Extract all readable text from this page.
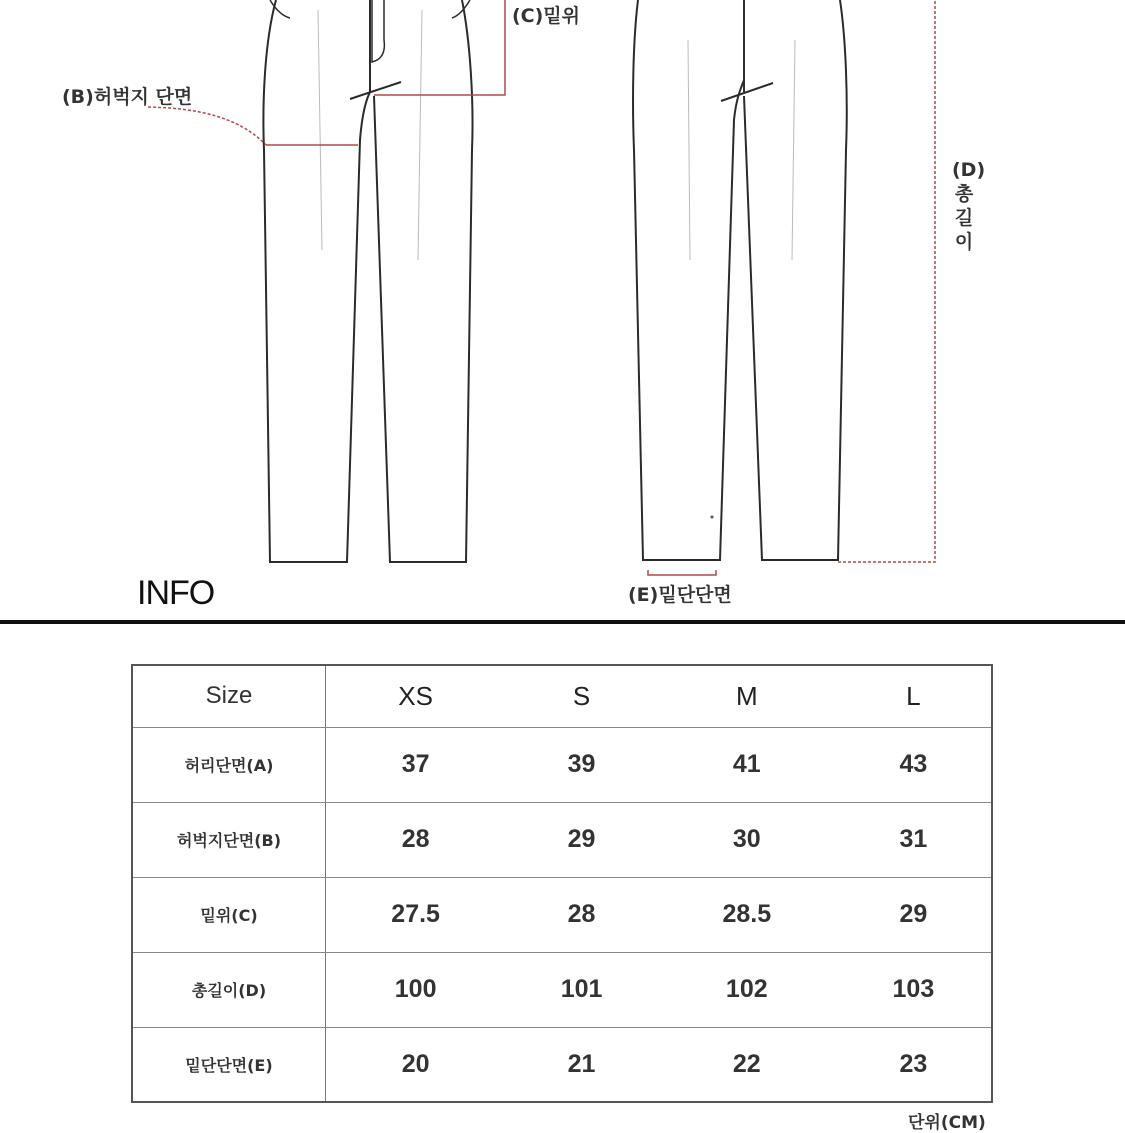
(C)밑위
(B)허벅지 단면
(E)밑단단면
(D)
총
길
이
INFO
Size	XS	S	M	L
허리단면(A)	37	39	41	43
허벅지단면(B)	28	29	30	31
밑위(C)	27.5	28	28.5	29
총길이(D)	100	101	102	103
밑단단면(E)	20	21	22	23
단위(CM)
